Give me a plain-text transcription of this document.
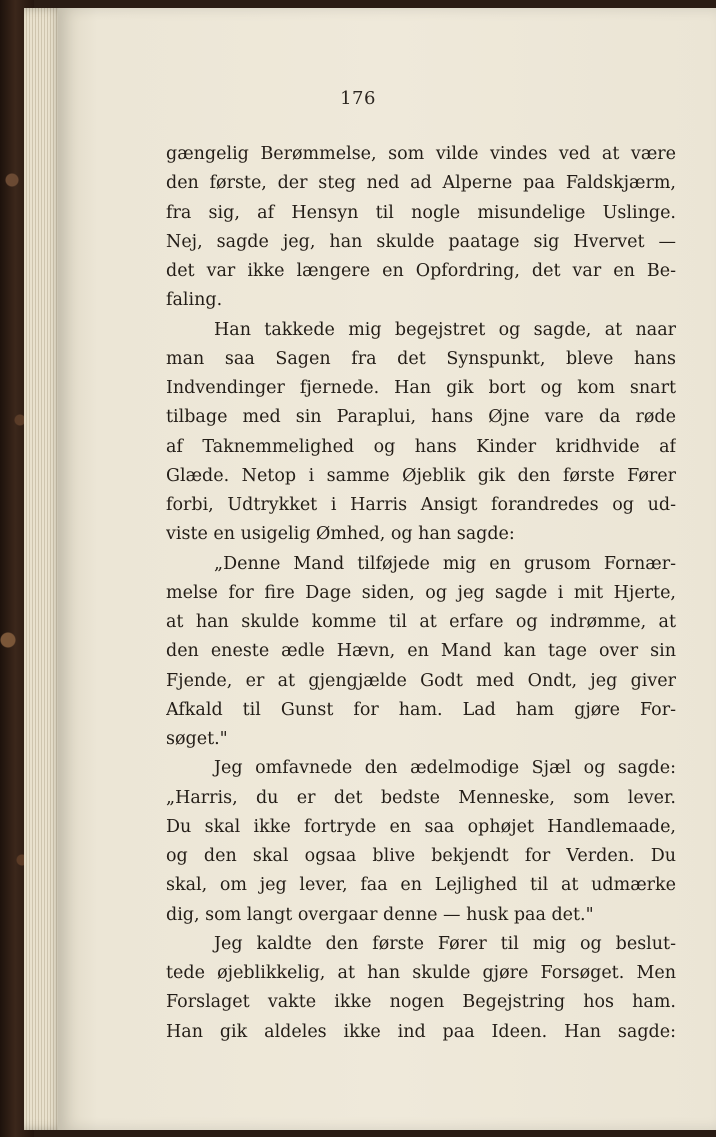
176
gængelig Berømmelse, som vilde vindes ved at være
den første, der steg ned ad Alperne paa Faldskjærm,
fra sig, af Hensyn til nogle misundelige Uslinge.
Nej, sagde jeg, han skulde paatage sig Hvervet —
det var ikke længere en Opfordring, det var en Be-
faling.
Han takkede mig begejstret og sagde, at naar
man saa Sagen fra det Synspunkt, bleve hans
Indvendinger fjernede. Han gik bort og kom snart
tilbage med sin Paraplui, hans Øjne vare da røde
af Taknemmelighed og hans Kinder kridhvide af
Glæde. Netop i samme Øjeblik gik den første Fører
forbi, Udtrykket i Harris Ansigt forandredes og ud-
viste en usigelig Ømhed, og han sagde:
„Denne Mand tilføjede mig en grusom Fornær-
melse for fire Dage siden, og jeg sagde i mit Hjerte,
at han skulde komme til at erfare og indrømme, at
den eneste ædle Hævn, en Mand kan tage over sin
Fjende, er at gjengjælde Godt med Ondt, jeg giver
Afkald til Gunst for ham. Lad ham gjøre For-
søget."
Jeg omfavnede den ædelmodige Sjæl og sagde:
„Harris, du er det bedste Menneske, som lever.
Du skal ikke fortryde en saa ophøjet Handlemaade,
og den skal ogsaa blive bekjendt for Verden. Du
skal, om jeg lever, faa en Lejlighed til at udmærke
dig, som langt overgaar denne — husk paa det."
Jeg kaldte den første Fører til mig og beslut-
tede øjeblikkelig, at han skulde gjøre Forsøget. Men
Forslaget vakte ikke nogen Begejstring hos ham.
Han gik aldeles ikke ind paa Ideen. Han sagde:
